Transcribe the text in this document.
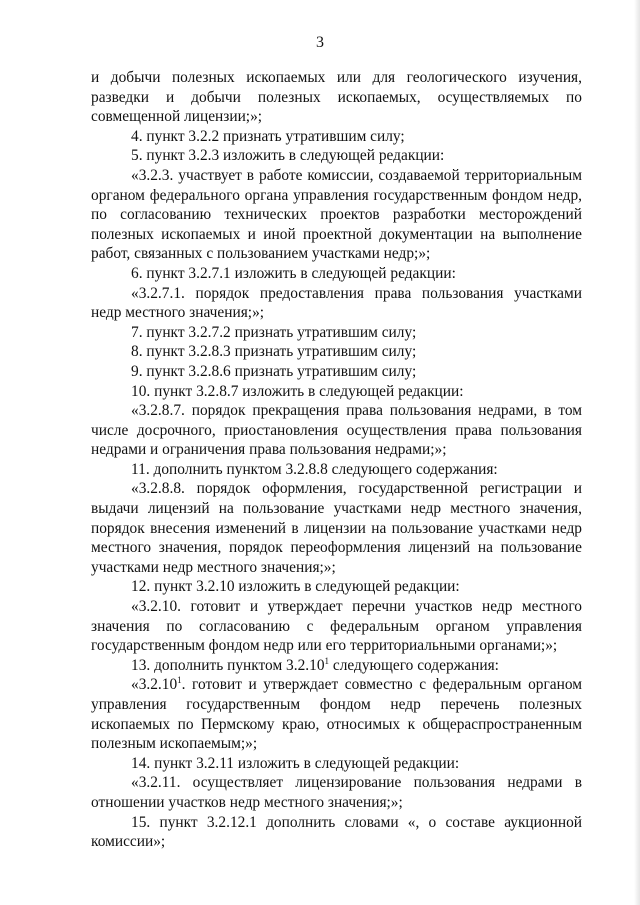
3

и добычи полезных ископаемых или для геологического изучения, разведки и добычи полезных ископаемых, осуществляемых по совмещенной лицензии;»;

4. пункт 3.2.2 признать утратившим силу;

5. пункт 3.2.3 изложить в следующей редакции:

«3.2.3. участвует в работе комиссии, создаваемой территориальным органом федерального органа управления государственным фондом недр, по согласованию технических проектов разработки месторождений полезных ископаемых и иной проектной документации на выполнение работ, связанных с пользованием участками недр;»;

6. пункт 3.2.7.1 изложить в следующей редакции:

«3.2.7.1. порядок предоставления права пользования участками недр местного значения;»;

7. пункт 3.2.7.2 признать утратившим силу;

8. пункт 3.2.8.3 признать утратившим силу;

9. пункт 3.2.8.6 признать утратившим силу;

10. пункт 3.2.8.7 изложить в следующей редакции:

«3.2.8.7. порядок прекращения права пользования недрами, в том числе досрочного, приостановления осуществления права пользования недрами и ограничения права пользования недрами;»;

11. дополнить пунктом 3.2.8.8 следующего содержания:

«3.2.8.8. порядок оформления, государственной регистрации и выдачи лицензий на пользование участками недр местного значения, порядок внесения изменений в лицензии на пользование участками недр местного значения, порядок переоформления лицензий на пользование участками недр местного значения;»;

12. пункт 3.2.10 изложить в следующей редакции:

«3.2.10. готовит и утверждает перечни участков недр местного значения по согласованию с федеральным органом управления государственным фондом недр или его территориальными органами;»;

13. дополнить пунктом 3.2.10$^1$ следующего содержания:

«3.2.10$^1$. готовит и утверждает совместно с федеральным органом управления государственным фондом недр перечень полезных ископаемых по Пермскому краю, относимых к общераспространенным полезным ископаемым;»;

14. пункт 3.2.11 изложить в следующей редакции:

«3.2.11. осуществляет лицензирование пользования недрами в отношении участков недр местного значения;»;

15. пункт 3.2.12.1 дополнить словами «, о составе аукционной комиссии»;
